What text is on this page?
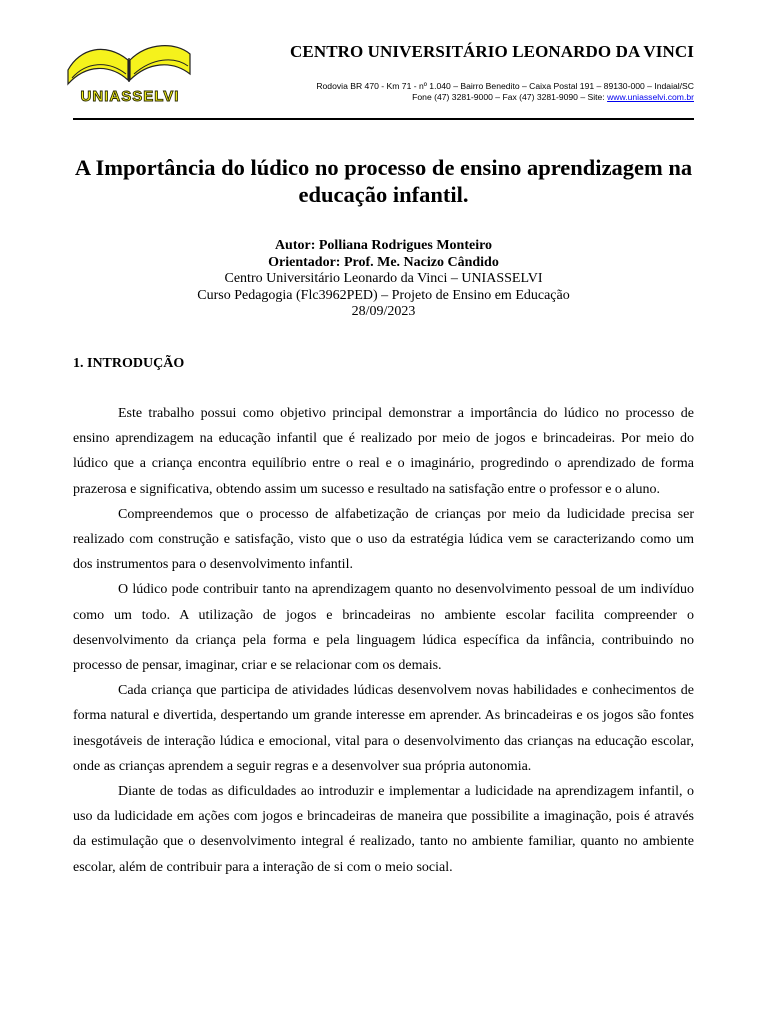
UNIASSELVI
CENTRO UNIVERSITÁRIO LEONARDO DA VINCI
Rodovia BR 470 - Km 71 - nº 1.040 – Bairro Benedito – Caixa Postal 191 – 89130-000 – Indaial/SC
Fone (47) 3281-9000 – Fax (47) 3281-9090 – Site: www.uniasselvi.com.br
A Importância do lúdico no processo de ensino aprendizagem na educação infantil.
Autor: Polliana Rodrigues Monteiro
Orientador: Prof. Me. Nacizo Cândido
Centro Universitário Leonardo da Vinci – UNIASSELVI
Curso Pedagogia (Flc3962PED) – Projeto de Ensino em Educação
28/09/2023
1. INTRODUÇÃO

Este trabalho possui como objetivo principal demonstrar a importância do lúdico no processo de ensino aprendizagem na educação infantil que é realizado por meio de jogos e brincadeiras. Por meio do lúdico que a criança encontra equilíbrio entre o real e o imaginário, progredindo o aprendizado de forma prazerosa e significativa, obtendo assim um sucesso e resultado na satisfação entre o professor e o aluno.

Compreendemos que o processo de alfabetização de crianças por meio da ludicidade precisa ser realizado com construção e satisfação, visto que o uso da estratégia lúdica vem se caracterizando como um dos instrumentos para o desenvolvimento infantil.

O lúdico pode contribuir tanto na aprendizagem quanto no desenvolvimento pessoal de um indivíduo como um todo. A utilização de jogos e brincadeiras no ambiente escolar facilita compreender o desenvolvimento da criança pela forma e pela linguagem lúdica específica da infância, contribuindo no processo de pensar, imaginar, criar e se relacionar com os demais.

Cada criança que participa de atividades lúdicas desenvolvem novas habilidades e conhecimentos de forma natural e divertida, despertando um grande interesse em aprender. As brincadeiras e os jogos são fontes inesgotáveis de interação lúdica e emocional, vital para o desenvolvimento das crianças na educação escolar, onde as crianças aprendem a seguir regras e a desenvolver sua própria autonomia.

Diante de todas as dificuldades ao introduzir e implementar a ludicidade na aprendizagem infantil, o uso da ludicidade em ações com jogos e brincadeiras de maneira que possibilite a imaginação, pois é através da estimulação que o desenvolvimento integral é realizado, tanto no ambiente familiar, quanto no ambiente escolar, além de contribuir para a interação de si com o meio social.
